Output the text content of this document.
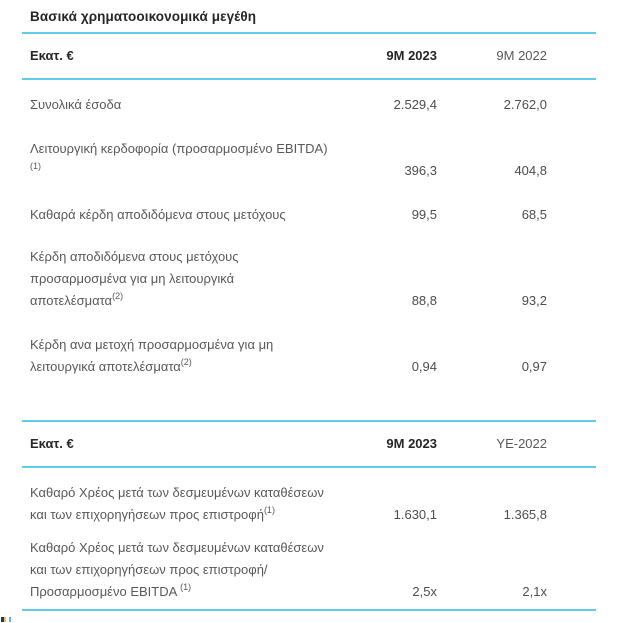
Βασικά χρηματοοικονομικά μεγέθη
Εκατ. €	9M 2023	9M 2022
Συνολικά έσοδα	2.529,4	2.762,0
Λειτουργική κερδοφορία (προσαρμοσμένο EBITDA)
$^{(1)}$	396,3	404,8
Καθαρά κέρδη αποδιδόμενα στους μετόχους	99,5	68,5
Κέρδη αποδιδόμενα στους μετόχους
προσαρμοσμένα για μη λειτουργικά
αποτελέσματα$^{(2)}$	88,8	93,2
Κέρδη ανα μετοχή προσαρμοσμένα για μη
λειτουργικά αποτελέσματα$^{(2)}$	0,94	0,97
Εκατ. €	9M 2023	YE-2022
Καθαρό Χρέος μετά των δεσμευμένων καταθέσεων
και των επιχορηγήσεων προς επιστροφή$^{(1)}$	1.630,1	1.365,8
Καθαρό Χρέος μετά των δεσμευμένων καταθέσεων
και των επιχορηγήσεων προς επιστροφή/
Προσαρμοσμένο EBITDA $^{(1)}$	2,5x	2,1x
